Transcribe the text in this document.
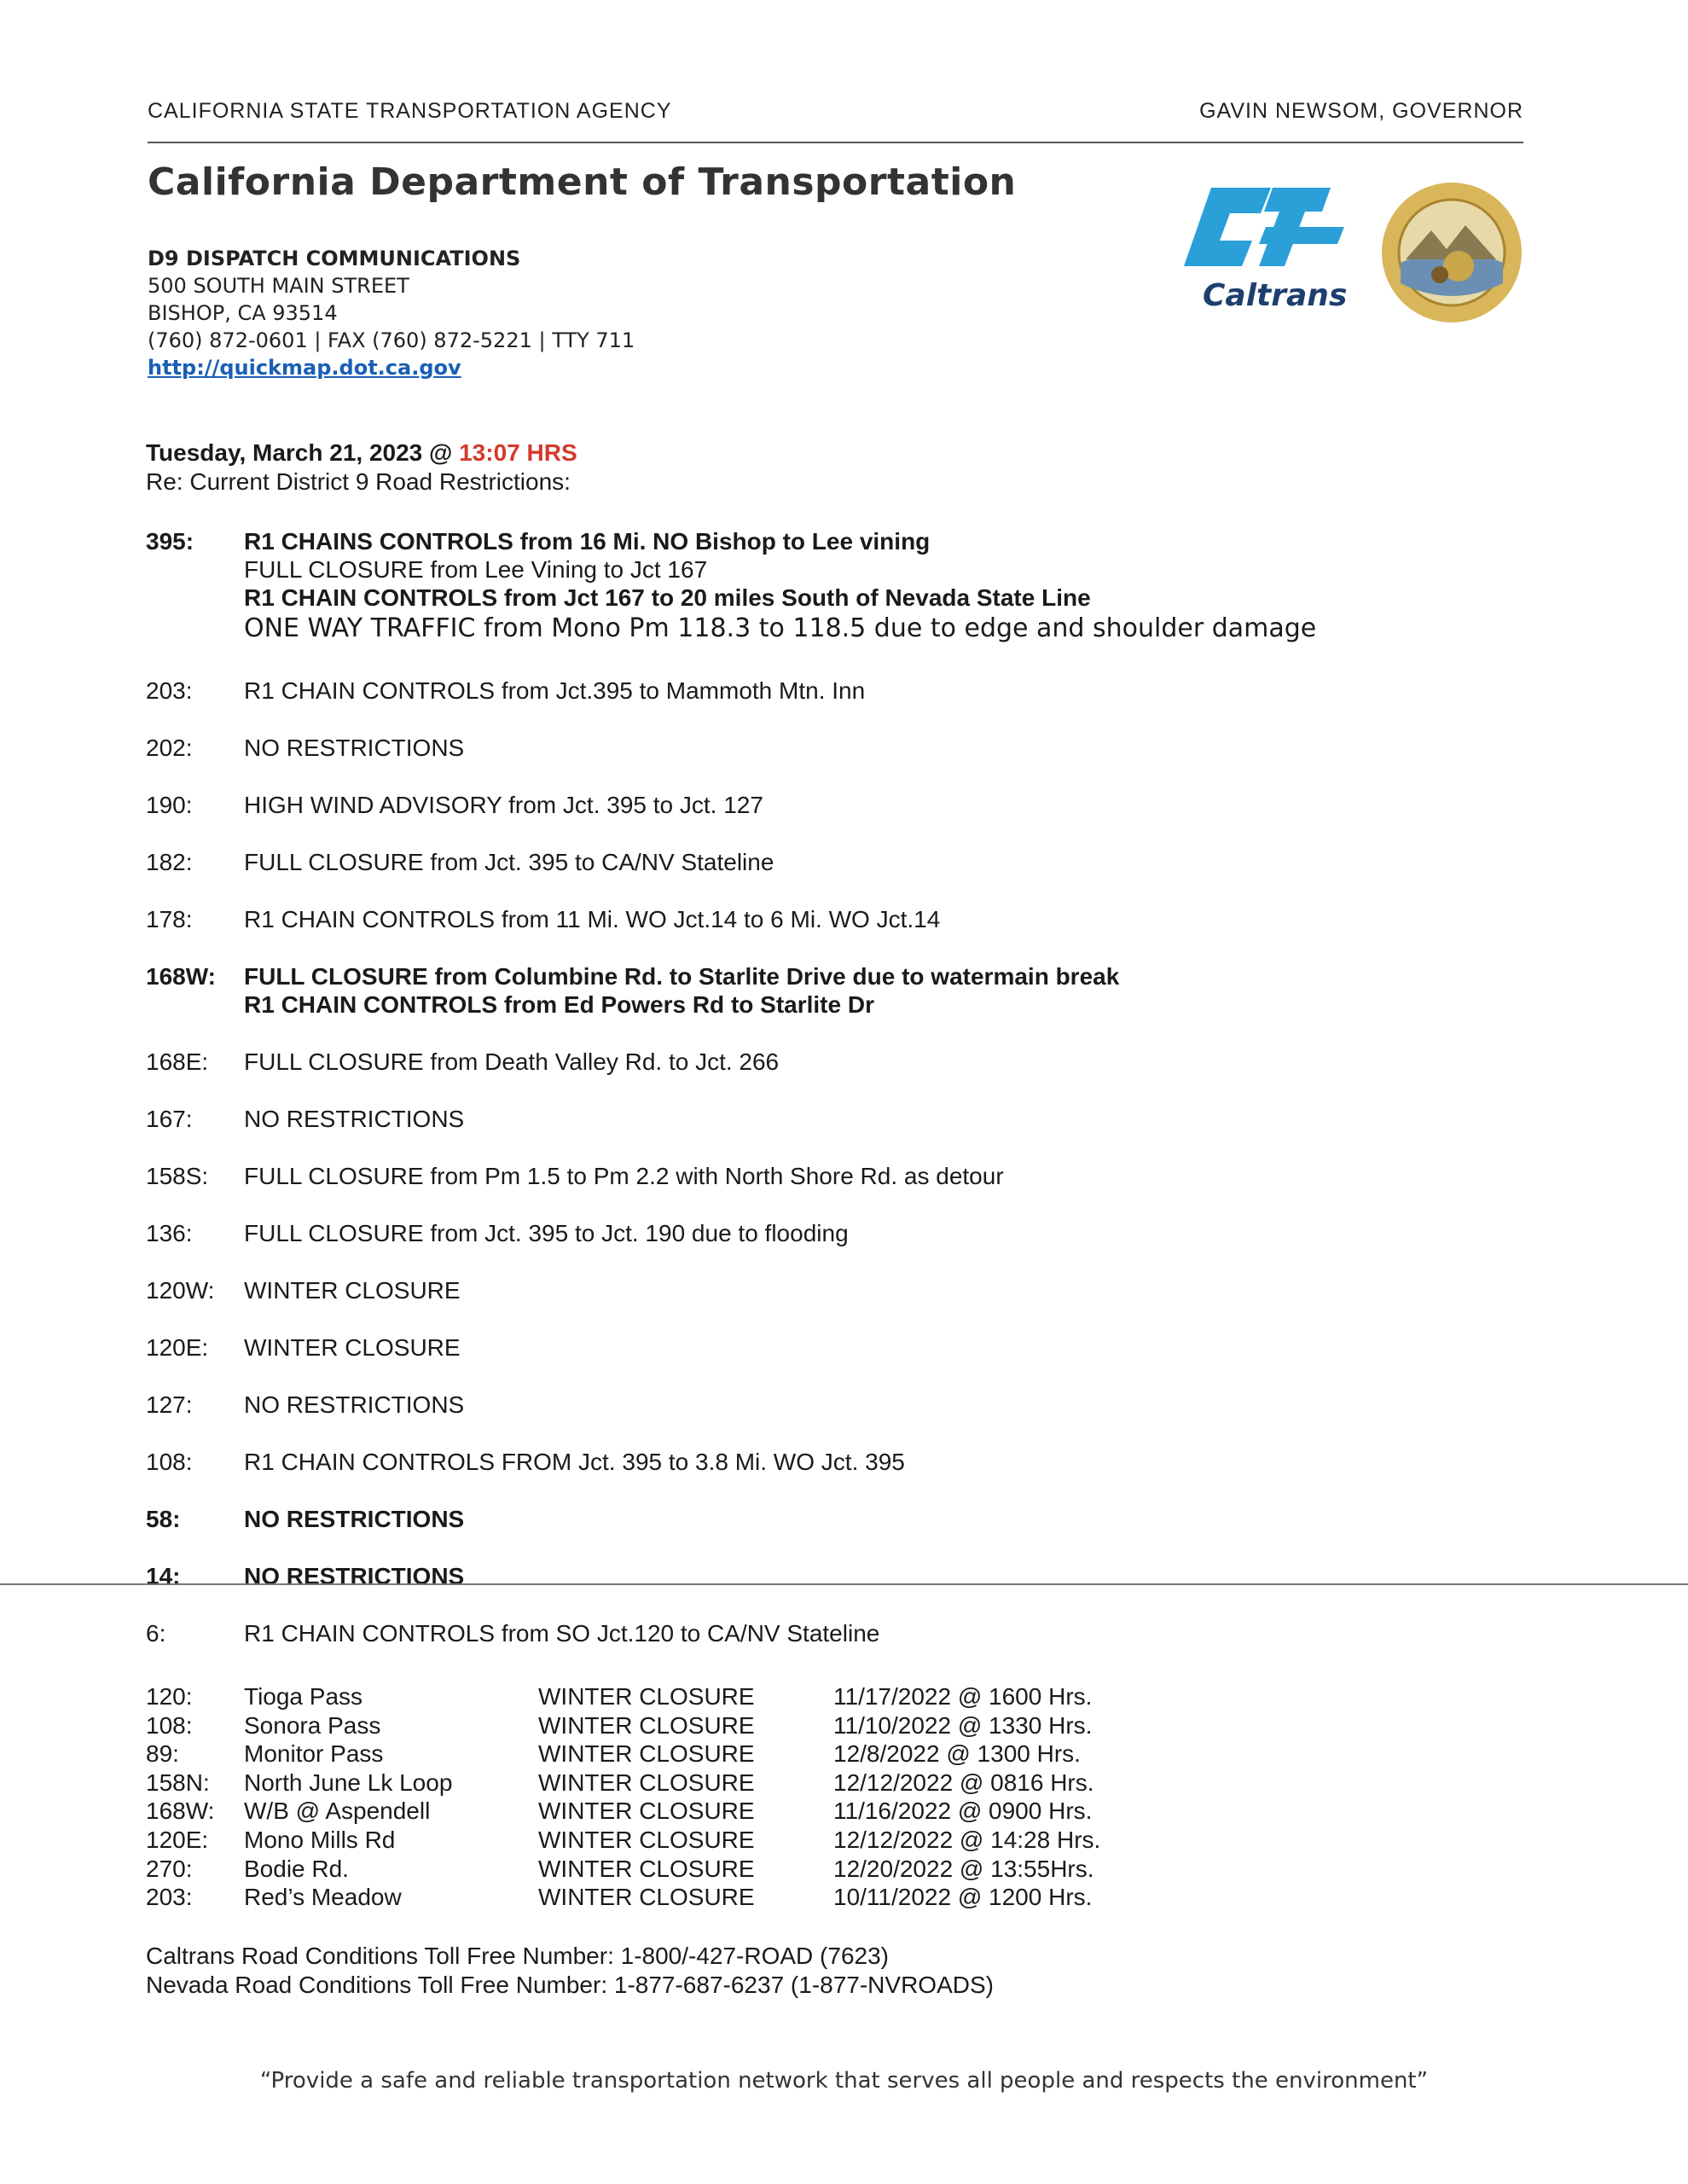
CALIFORNIA STATE TRANSPORTATION AGENCY	GAVIN NEWSOM, GOVERNOR
California Department of Transportation
D9 DISPATCH COMMUNICATIONS
500 SOUTH MAIN STREET
BISHOP, CA 93514
(760) 872-0601 | FAX (760) 872-5221 | TTY 711
http://quickmap.dot.ca.gov
Caltrans
Tuesday, March 21, 2023 @ 13:07 HRS
Re: Current District 9 Road Restrictions:
395:	R1 CHAINS CONTROLS from 16 Mi. NO Bishop to Lee vining
FULL CLOSURE from Lee Vining to Jct 167
R1 CHAIN CONTROLS from Jct 167 to 20 miles South of Nevada State Line
ONE WAY TRAFFIC from Mono Pm 118.3 to 118.5 due to edge and shoulder damage
203:	R1 CHAIN CONTROLS from Jct.395 to Mammoth Mtn. Inn
202:	NO RESTRICTIONS
190:	HIGH WIND ADVISORY from Jct. 395 to Jct. 127
182:	FULL CLOSURE from Jct. 395 to CA/NV Stateline
178:	R1 CHAIN CONTROLS from 11 Mi. WO Jct.14 to 6 Mi. WO Jct.14
168W:	FULL CLOSURE from Columbine Rd. to Starlite Drive due to watermain break
R1 CHAIN CONTROLS from Ed Powers Rd to Starlite Dr
168E:	FULL CLOSURE from Death Valley Rd. to Jct. 266
167:	NO RESTRICTIONS
158S:	FULL CLOSURE from Pm 1.5 to Pm 2.2 with North Shore Rd. as detour
136:	FULL CLOSURE from Jct. 395 to Jct. 190 due to flooding
120W:	WINTER CLOSURE
120E:	WINTER CLOSURE
127:	NO RESTRICTIONS
108:	R1 CHAIN CONTROLS FROM Jct. 395 to 3.8 Mi. WO Jct. 395
58:	NO RESTRICTIONS
14:	NO RESTRICTIONS
6:	R1 CHAIN CONTROLS from SO Jct.120 to CA/NV Stateline
120: Tioga Pass	WINTER CLOSURE	11/17/2022 @ 1600 Hrs.
108: Sonora Pass	WINTER CLOSURE	11/10/2022 @ 1330 Hrs.
89:	Monitor Pass	WINTER CLOSURE	12/8/2022 @ 1300 Hrs.
158N: North June Lk Loop	WINTER CLOSURE	12/12/2022 @ 0816 Hrs.
168W: W/B @ Aspendell	WINTER CLOSURE	11/16/2022 @ 0900 Hrs.
120E: Mono Mills Rd	WINTER CLOSURE	12/12/2022 @ 14:28 Hrs.
270: Bodie Rd.	WINTER CLOSURE	12/20/2022 @ 13:55Hrs.
203: Red’s Meadow	WINTER CLOSURE	10/11/2022 @ 1200 Hrs.
Caltrans Road Conditions Toll Free Number: 1-800/-427-ROAD (7623)
Nevada Road Conditions Toll Free Number: 1-877-687-6237 (1-877-NVROADS)
“Provide a safe and reliable transportation network that serves all people and respects the environment”
